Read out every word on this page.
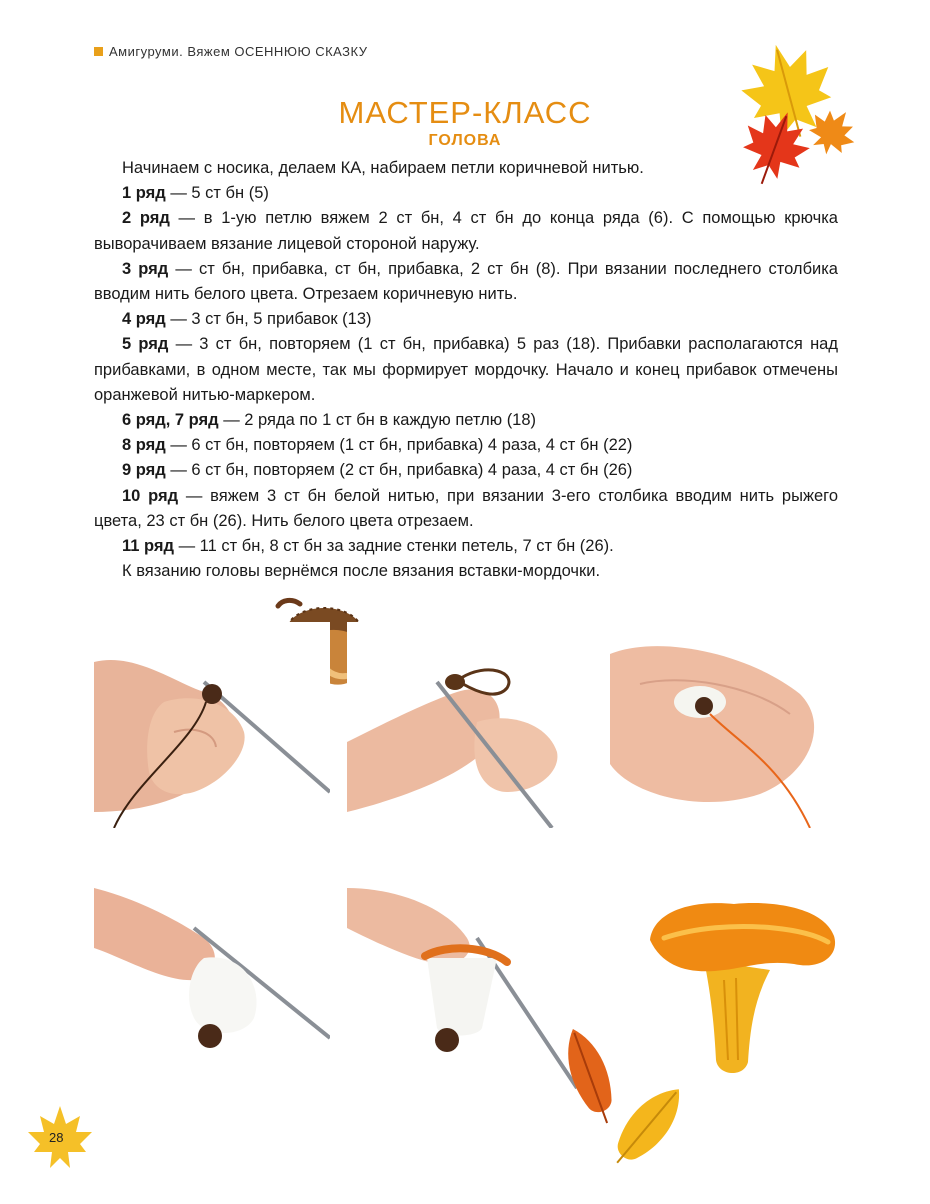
Амигуруми. Вяжем ОСЕННЮЮ СКАЗКУ
МАСТЕР-КЛАСС
ГОЛОВА

Начинаем с носика, делаем КА, набираем петли коричневой нитью.

1 ряд — 5 ст бн (5)

2 ряд — в 1-ую петлю вяжем 2 ст бн, 4 ст бн до конца ряда (6). С помощью крючка выворачиваем вязание лицевой стороной наружу.

3 ряд — ст бн, прибавка, ст бн, прибавка, 2 ст бн (8). При вязании последнего столбика вводим нить белого цвета. Отрезаем коричневую нить.

4 ряд — 3 ст бн, 5 прибавок (13)

5 ряд — 3 ст бн, повторяем (1 ст бн, прибавка) 5 раз (18). Прибавки располагаются над прибавками, в одном месте, так мы формирует мордочку. Начало и конец прибавок отмечены оранжевой нитью-маркером.

6 ряд, 7 ряд — 2 ряда по 1 ст бн в каждую петлю (18)

8 ряд — 6 ст бн, повторяем (1 ст бн, прибавка) 4 раза, 4 ст бн (22)

9 ряд — 6 ст бн, повторяем (2 ст бн, прибавка) 4 раза, 4 ст бн (26)

10 ряд — вяжем 3 ст бн белой нитью, при вязании 3-его столбика вводим нить рыжего цвета, 23 ст бн (26). Нить белого цвета отрезаем.

11 ряд — 11 ст бн, 8 ст бн за задние стенки петель, 7 ст бн (26).

К вязанию головы вернёмся после вязания вставки-мордочки.

28
